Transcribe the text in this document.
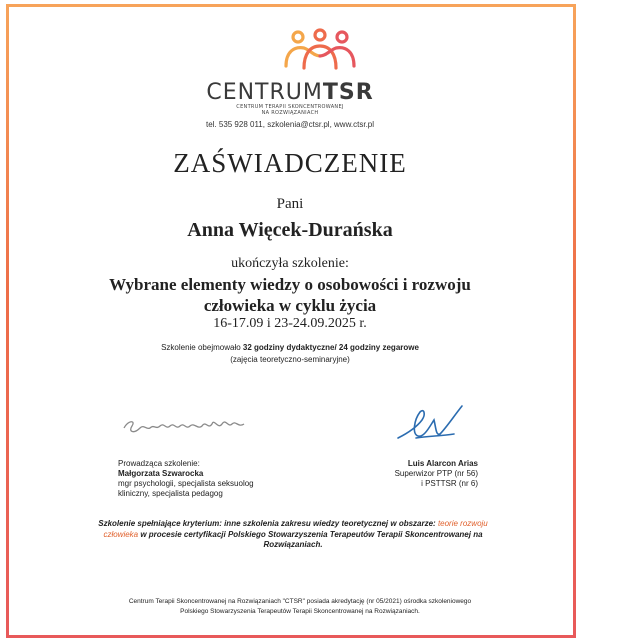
CENTRUMTSR
CENTRUM TERAPII SKONCENTROWANEJ
NA ROZWIĄZANIACH
tel. 535 928 011, szkolenia@ctsr.pl, www.ctsr.pl
ZAŚWIADCZENIE
Pani
Anna Więcek-Durańska
ukończyła szkolenie:
Wybrane elementy wiedzy o osobowości i rozwoju
człowieka w cyklu życia
16-17.09 i 23-24.09.2025 r.
Szkolenie obejmowało 32 godziny dydaktyczne/ 24 godziny zegarowe
(zajęcia teoretyczno-seminaryjne)
Prowadząca szkolenie:
Małgorzata Szwarocka
mgr psychologii, specjalista seksuolog
kliniczny, specjalista pedagog
Luis Alarcon Arias
Superwizor PTP (nr 56)
i PSTTSR (nr 6)
Szkolenie spełniające kryterium: inne szkolenia zakresu wiedzy teoretycznej w obszarze: teorie rozwoju człowieka w procesie certyfikacji Polskiego Stowarzyszenia Terapeutów Terapii Skoncentrowanej na Rozwiązaniach.
Centrum Terapii Skoncentrowanej na Rozwiązaniach "CTSR" posiada akredytację (nr 05/2021) ośrodka szkoleniowego
Polskiego Stowarzyszenia Terapeutów Terapii Skoncentrowanej na Rozwiązaniach.
